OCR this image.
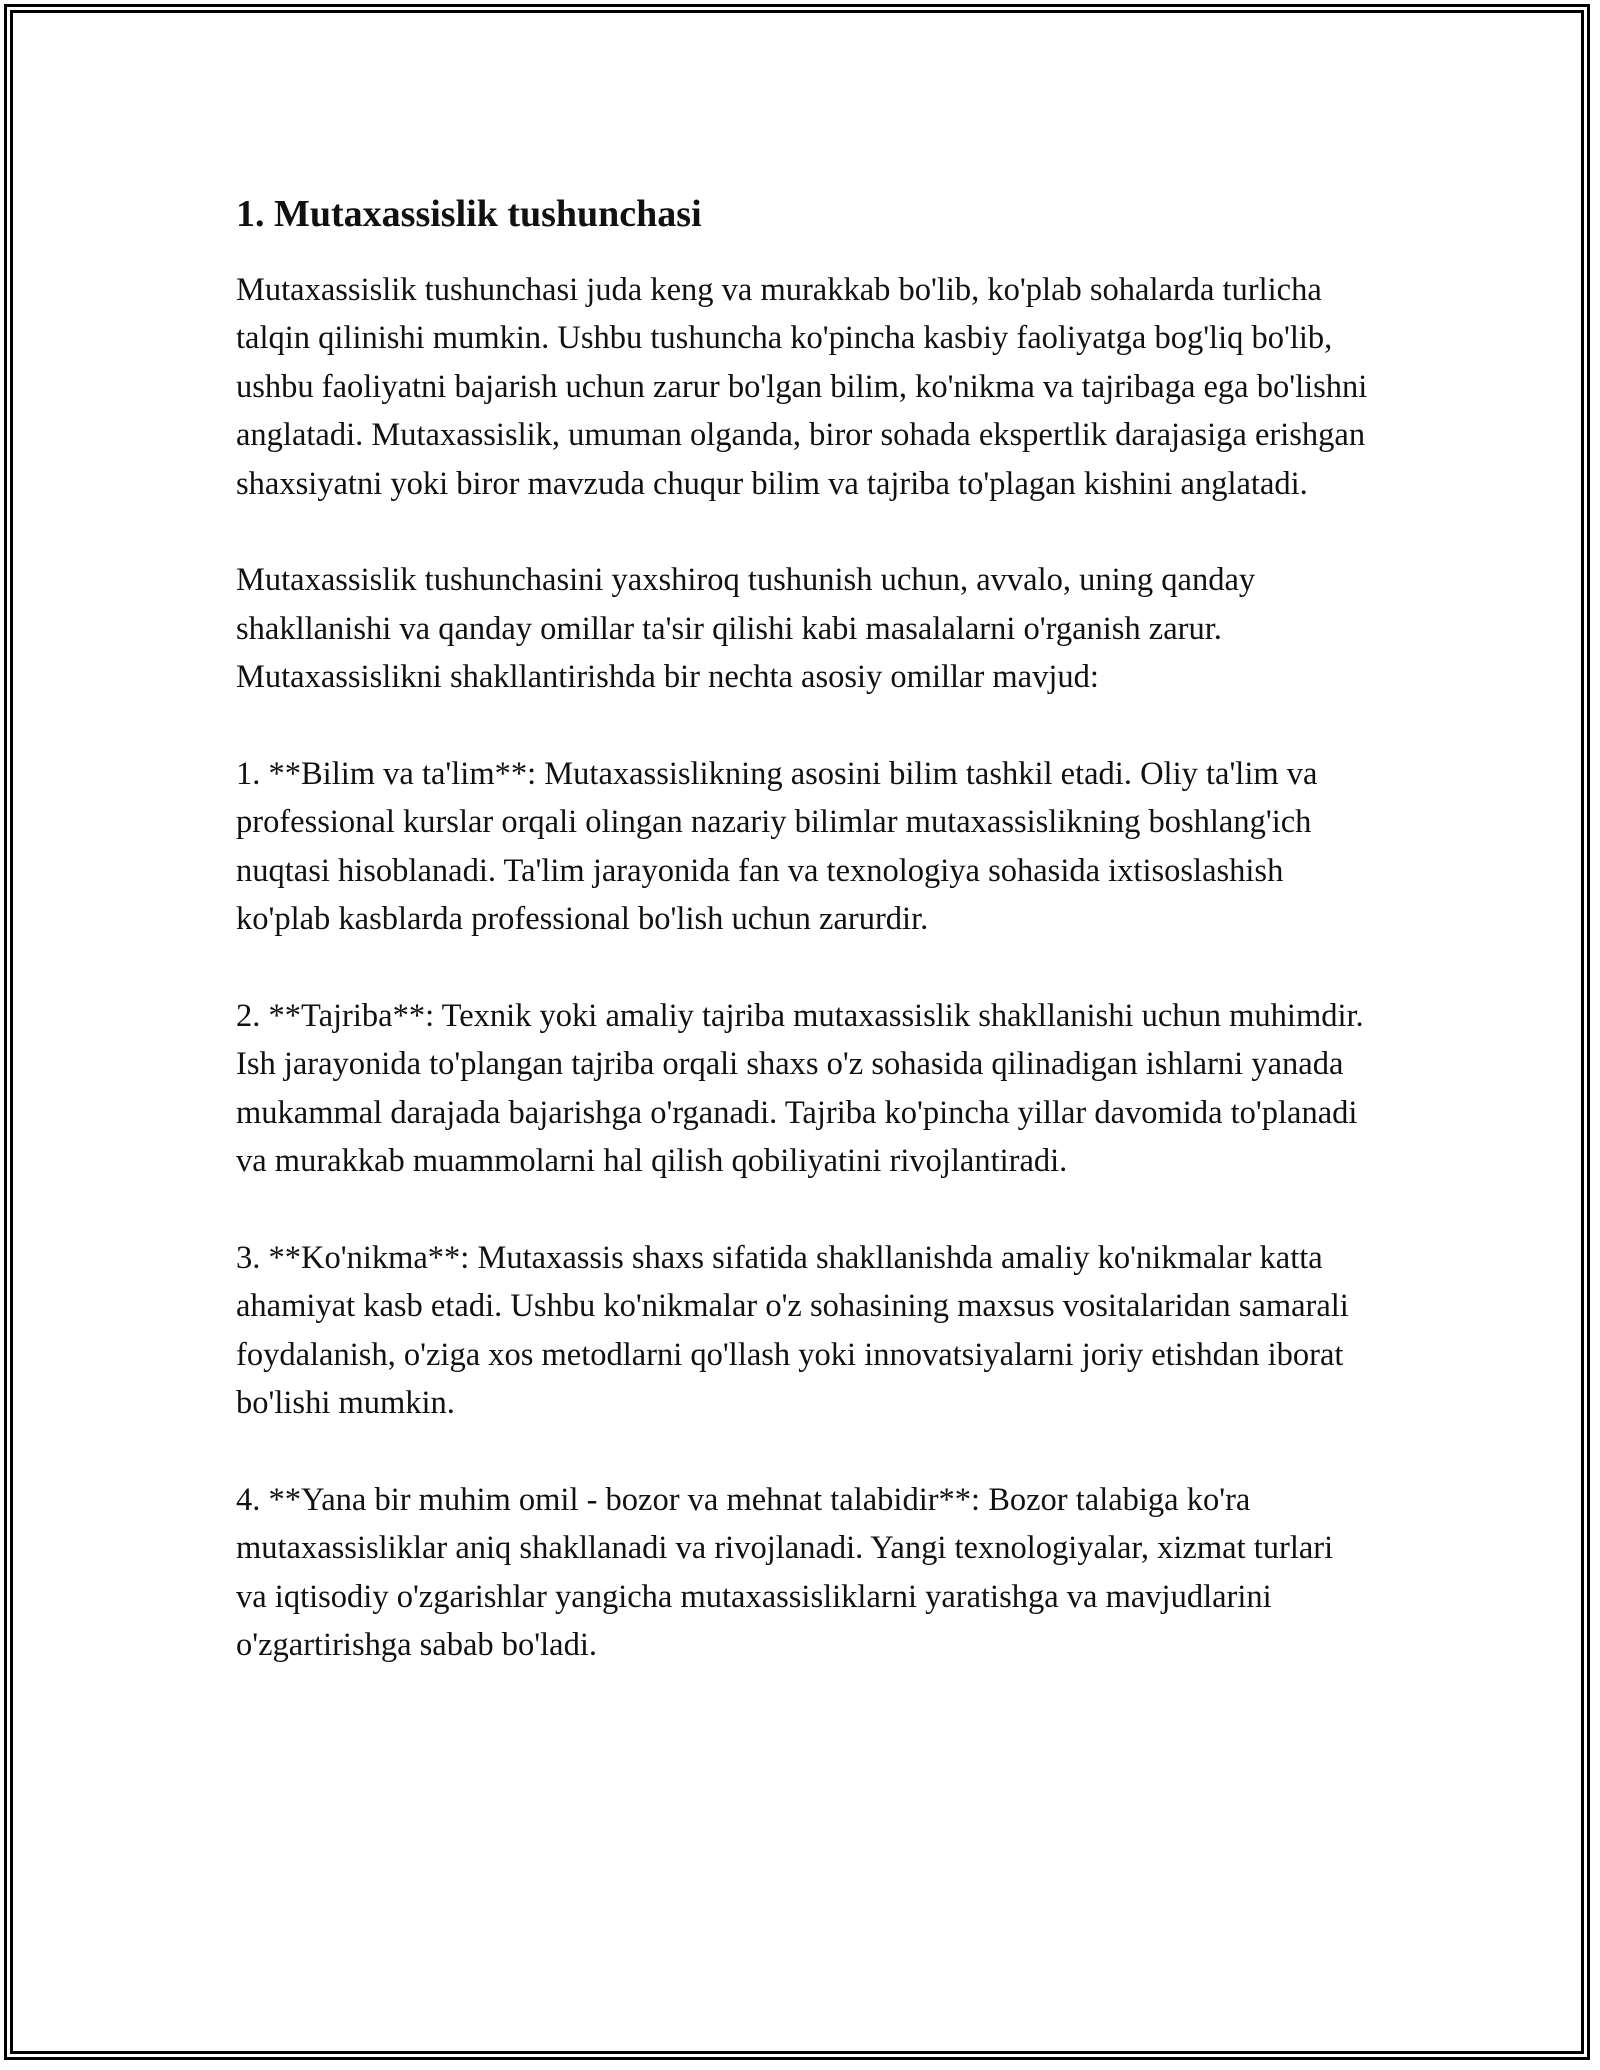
1. Mutaxassislik tushunchasi

Mutaxassislik tushunchasi juda keng va murakkab bo'lib, ko'plab sohalarda turlicha talqin qilinishi mumkin. Ushbu tushuncha ko'pincha kasbiy faoliyatga bog'liq bo'lib, ushbu faoliyatni bajarish uchun zarur bo'lgan bilim, ko'nikma va tajribaga ega bo'lishni anglatadi. Mutaxassislik, umuman olganda, biror sohada ekspertlik darajasiga erishgan shaxsiyatni yoki biror mavzuda chuqur bilim va tajriba to'plagan kishini anglatadi.

Mutaxassislik tushunchasini yaxshiroq tushunish uchun, avvalo, uning qanday shakllanishi va qanday omillar ta'sir qilishi kabi masalalarni o'rganish zarur. Mutaxassislikni shakllantirishda bir nechta asosiy omillar mavjud:

1. **Bilim va ta'lim**: Mutaxassislikning asosini bilim tashkil etadi. Oliy ta'lim va professional kurslar orqali olingan nazariy bilimlar mutaxassislikning boshlang'ich nuqtasi hisoblanadi. Ta'lim jarayonida fan va texnologiya sohasida ixtisoslashish ko'plab kasblarda professional bo'lish uchun zarurdir.

2. **Tajriba**: Texnik yoki amaliy tajriba mutaxassislik shakllanishi uchun muhimdir. Ish jarayonida to'plangan tajriba orqali shaxs o'z sohasida qilinadigan ishlarni yanada mukammal darajada bajarishga o'rganadi. Tajriba ko'pincha yillar davomida to'planadi va murakkab muammolarni hal qilish qobiliyatini rivojlantiradi.

3. **Ko'nikma**: Mutaxassis shaxs sifatida shakllanishda amaliy ko'nikmalar katta ahamiyat kasb etadi. Ushbu ko'nikmalar o'z sohasining maxsus vositalaridan samarali foydalanish, o'ziga xos metodlarni qo'llash yoki innovatsiyalarni joriy etishdan iborat bo'lishi mumkin.

4. **Yana bir muhim omil - bozor va mehnat talabidir**: Bozor talabiga ko'ra mutaxassisliklar aniq shakllanadi va rivojlanadi. Yangi texnologiyalar, xizmat turlari va iqtisodiy o'zgarishlar yangicha mutaxassisliklarni yaratishga va mavjudlarini o'zgartirishga sabab bo'ladi.
